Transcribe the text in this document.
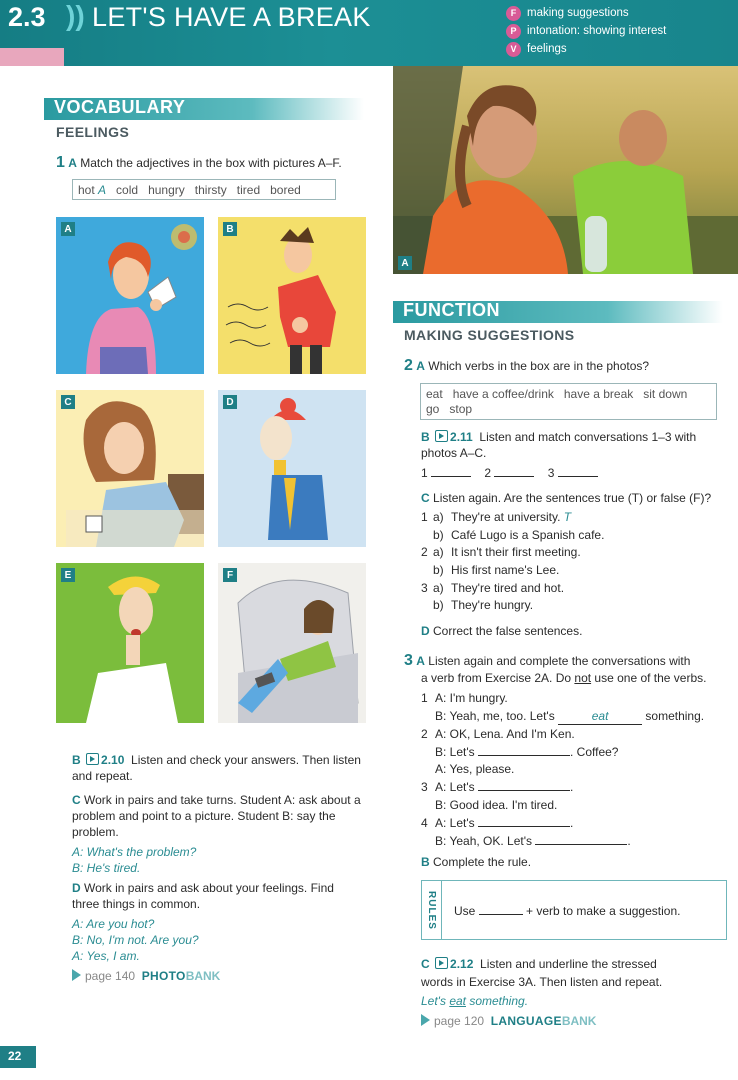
2.3 )) LET'S HAVE A BREAK	F making suggestions
P intonation: showing interest
V feelings
VOCABULARY
FEELINGS
1 A Match the adjectives in the box with pictures A–F.
hot A cold hungry thirsty tired bored
A	B
C	D
E	F
B 2.10 Listen and check your answers. Then listen and repeat.
C Work in pairs and take turns. Student A: ask about a problem and point to a picture. Student B: say the problem.
A: What's the problem?
B: He's tired.
D Work in pairs and ask about your feelings. Find three things in common.
A: Are you hot?
B: No, I'm not. Are you?
A: Yes, I am.
page 140 PHOTOBANK
A
FUNCTION
MAKING SUGGESTIONS
2 A Which verbs in the box are in the photos?
eat have a coffee/drink have a break sit down
go stop
B 2.11 Listen and match conversations 1–3 with photos A–C.
1	2	3
C Listen again. Are the sentences true (T) or false (F)?
1 a) They're at university. T
b) Café Lugo is a Spanish cafe.
2 a) It isn't their first meeting.
b) His first name's Lee.
3 a) They're tired and hot.
b) They're hungry.
D Correct the false sentences.
3 A Listen again and complete the conversations with
a verb from Exercise 2A. Do not use one of the verbs.
1 A: I'm hungry.
B: Yeah, me, too. Let's	eat	something.
2 A: OK, Lena. And I'm Ken.
B: Let's	. Coffee?
A: Yes, please.
3 A: Let's	.
B: Good idea. I'm tired.
4 A: Let's	.
B: Yeah, OK. Let's	.
B Complete the rule.
RULES Use	+ verb to make a suggestion.
C 2.12 Listen and underline the stressed
words in Exercise 3A. Then listen and repeat.
Let's eat something.
page 120 LANGUAGEBANK
22
